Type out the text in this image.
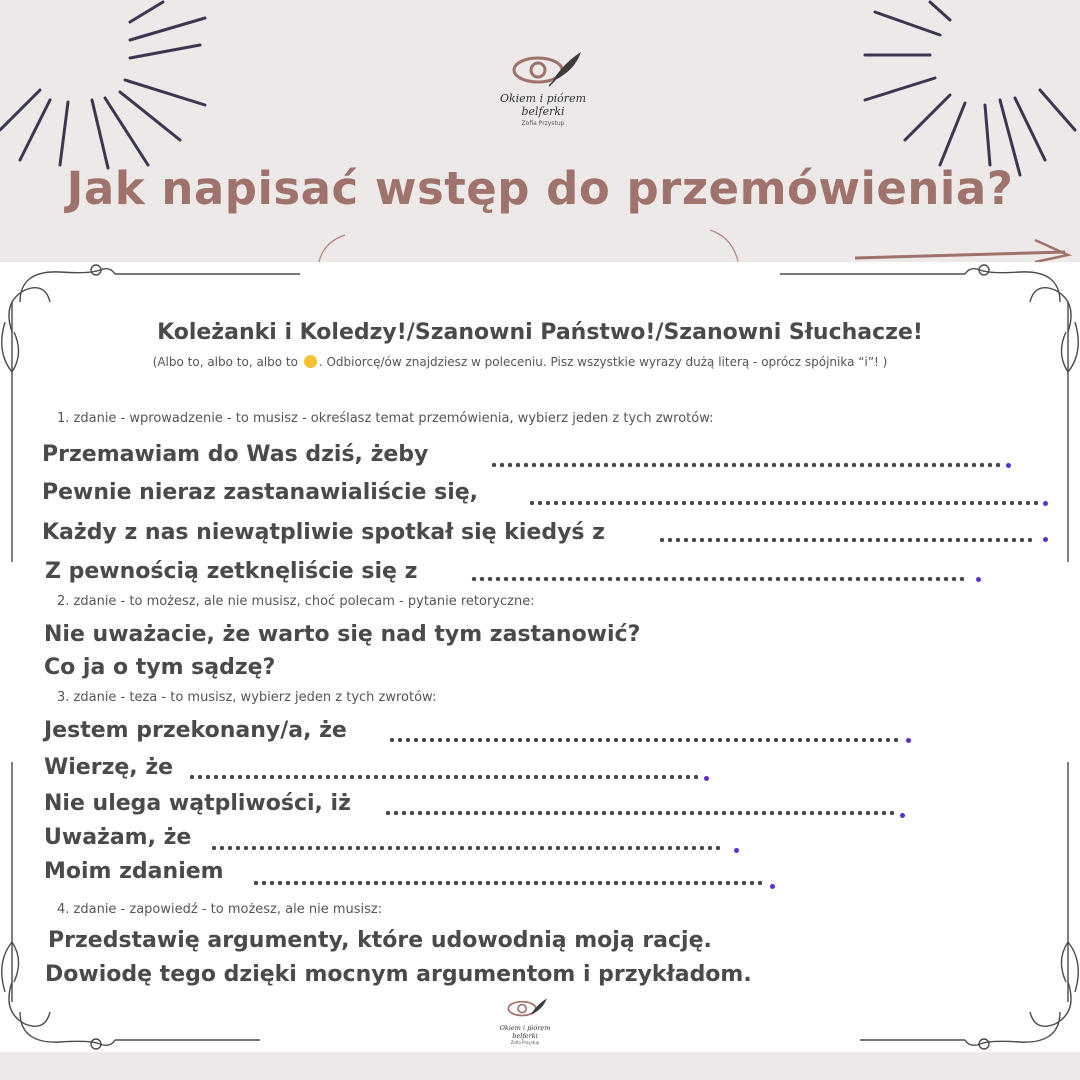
Okiem i piórem
belferki
Zofia Przystup
Jak napisać wstęp do przemówienia?
Koleżanki i Koledzy!/Szanowni Państwo!/Szanowni Słuchacze!
(Albo to, albo to, albo to . Odbiorcę/ów znajdziesz w poleceniu. Pisz wszystkie wyrazy dużą literą - oprócz spójnika “i”! )
1. zdanie - wprowadzenie - to musisz - określasz temat przemówienia, wybierz jeden z tych zwrotów:
Przemawiam do Was dziś, żeby
Pewnie nieraz zastanawialiście się,
Każdy z nas niewątpliwie spotkał się kiedyś z
Z pewnością zetknęliście się z
2. zdanie - to możesz, ale nie musisz, choć polecam - pytanie retoryczne:
Nie uważacie, że warto się nad tym zastanowić?
Co ja o tym sądzę?
3. zdanie - teza - to musisz, wybierz jeden z tych zwrotów:
Jestem przekonany/a, że
Wierzę, że
Nie ulega wątpliwości, iż
Uważam, że
Moim zdaniem
4. zdanie - zapowiedź - to możesz, ale nie musisz:
Przedstawię argumenty, które udowodnią moją rację.
Dowiodę tego dzięki mocnym argumentom i przykładom.
Okiem i piórem
belferki
Zofia Przystup
